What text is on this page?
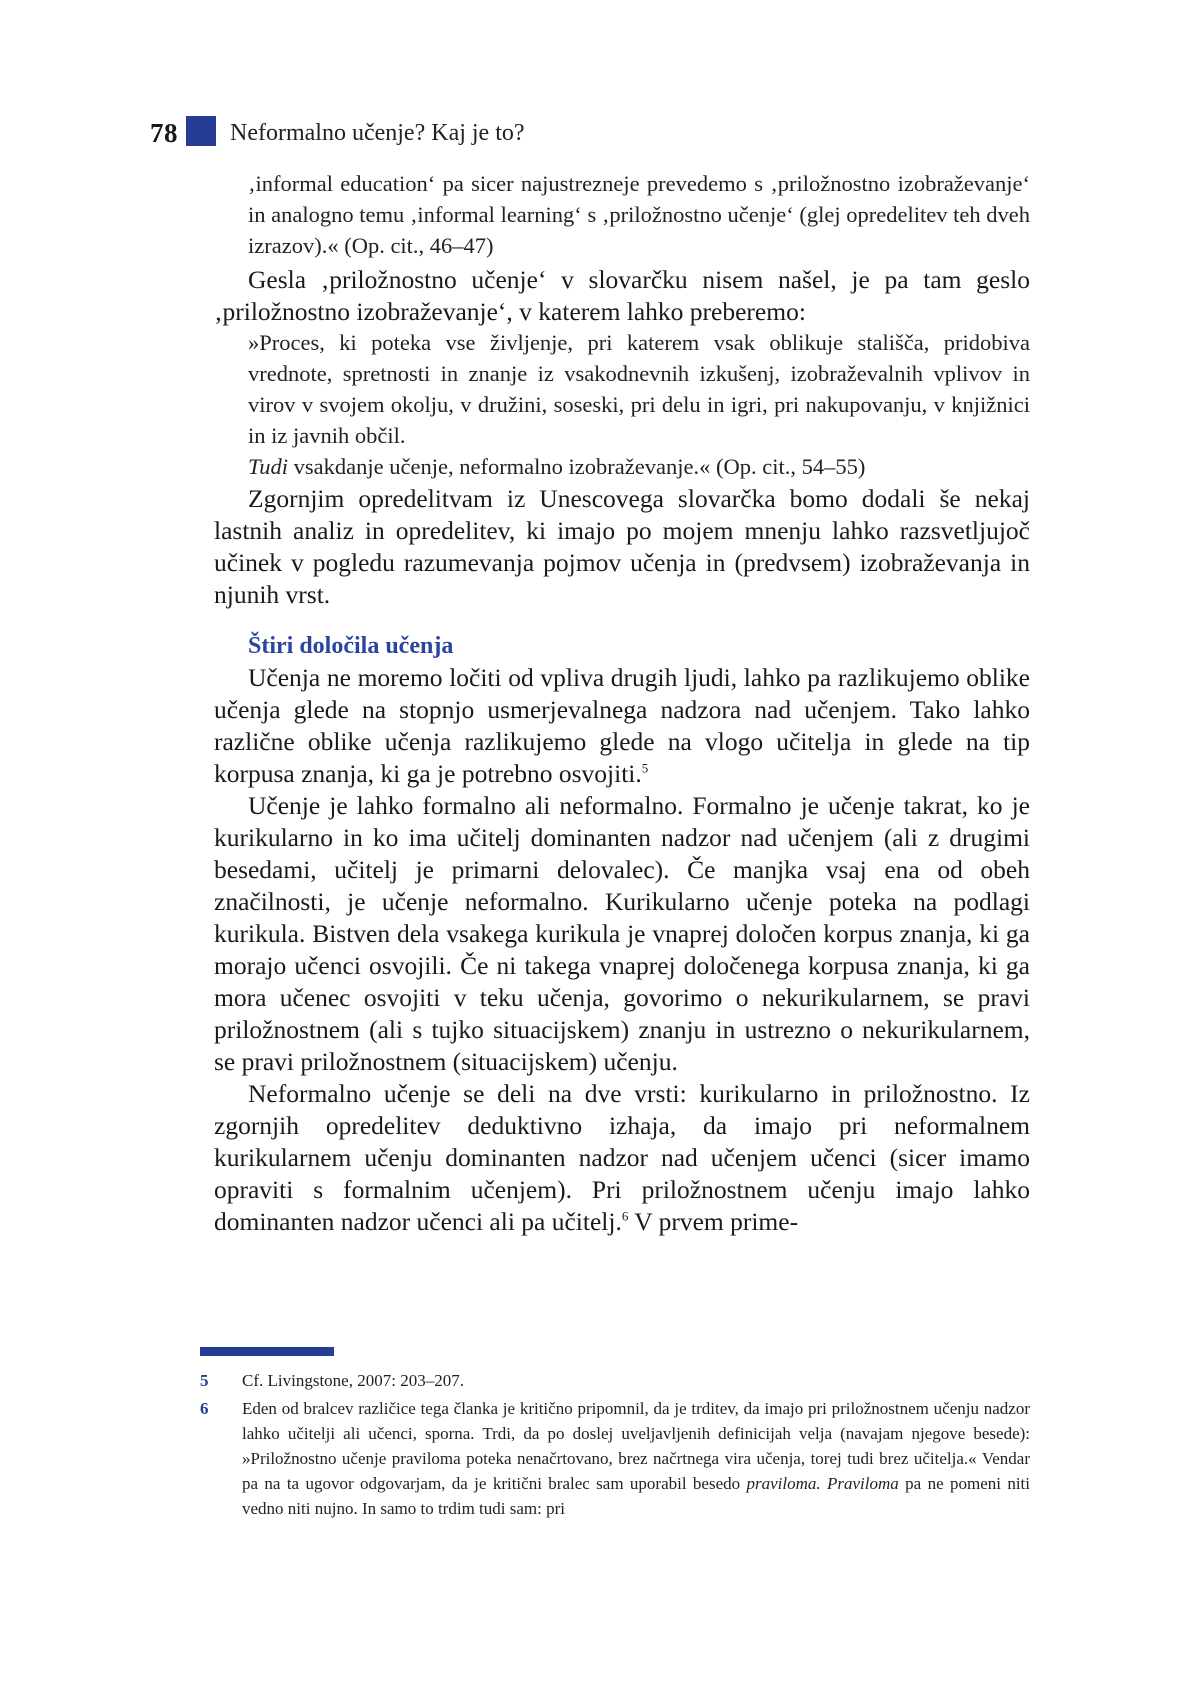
78 Neformalno učenje? Kaj je to?

‚informal education‘ pa sicer najustrezneje prevedemo s ‚priložnostno izobraževanje‘ in analogno temu ‚informal learning‘ s ‚priložnostno učenje‘ (glej opredelitev teh dveh izrazov).« (Op. cit., 46–47)

Gesla ‚priložnostno učenje‘ v slovarčku nisem našel, je pa tam geslo ‚priložnostno izobraževanje‘, v katerem lahko preberemo:

»Proces, ki poteka vse življenje, pri katerem vsak oblikuje stališča, pridobiva vrednote, spretnosti in znanje iz vsakodnevnih izkušenj, izobraževalnih vplivov in virov v svojem okolju, v družini, soseski, pri delu in igri, pri nakupovanju, v knjižnici in iz javnih občil.

Tudi vsakdanje učenje, neformalno izobraževanje.« (Op. cit., 54–55)

Zgornjim opredelitvam iz Unescovega slovarčka bomo dodali še nekaj lastnih analiz in opredelitev, ki imajo po mojem mnenju lahko razsvetljujoč učinek v pogledu razumevanja pojmov učenja in (predvsem) izobraževanja in njunih vrst.

Štiri določila učenja

Učenja ne moremo ločiti od vpliva drugih ljudi, lahko pa razlikujemo oblike učenja glede na stopnjo usmerjevalnega nadzora nad učenjem. Tako lahko različne oblike učenja razlikujemo glede na vlogo učitelja in glede na tip korpusa znanja, ki ga je potrebno osvojiti.$^5$

Učenje je lahko formalno ali neformalno. Formalno je učenje takrat, ko je kurikularno in ko ima učitelj dominanten nadzor nad učenjem (ali z drugimi besedami, učitelj je primarni delovalec). Če manjka vsaj ena od obeh značilnosti, je učenje neformalno. Kurikularno učenje poteka na podlagi kurikula. Bistven dela vsakega kurikula je vnaprej določen korpus znanja, ki ga morajo učenci osvojili. Če ni takega vnaprej določenega korpusa znanja, ki ga mora učenec osvojiti v teku učenja, govorimo o nekurikularnem, se pravi priložnostnem (ali s tujko situacijskem) znanju in ustrezno o nekurikularnem, se pravi priložnostnem (situacijskem) učenju.

Neformalno učenje se deli na dve vrsti: kurikularno in priložnostno. Iz zgornjih opredelitev deduktivno izhaja, da imajo pri neformalnem kurikularnem učenju dominanten nadzor nad učenjem učenci (sicer imamo opraviti s formalnim učenjem). Pri priložnostnem učenju imajo lahko dominanten nadzor učenci ali pa učitelj.$^6$ V prvem prime-

5	Cf. Livingstone, 2007: 203–207.
6	Eden od bralcev različice tega članka je kritično pripomnil, da je trditev, da imajo pri priložnostnem učenju nadzor lahko učitelji ali učenci, sporna. Trdi, da po doslej uveljavljenih definicijah velja (navajam njegove besede): »Priložnostno učenje praviloma poteka nenačrtovano, brez načrtnega vira učenja, torej tudi brez učitelja.« Vendar pa na ta ugovor odgovarjam, da je kritični bralec sam uporabil besedo praviloma. Praviloma pa ne pomeni niti vedno niti nujno. In samo to trdim tudi sam: pri
